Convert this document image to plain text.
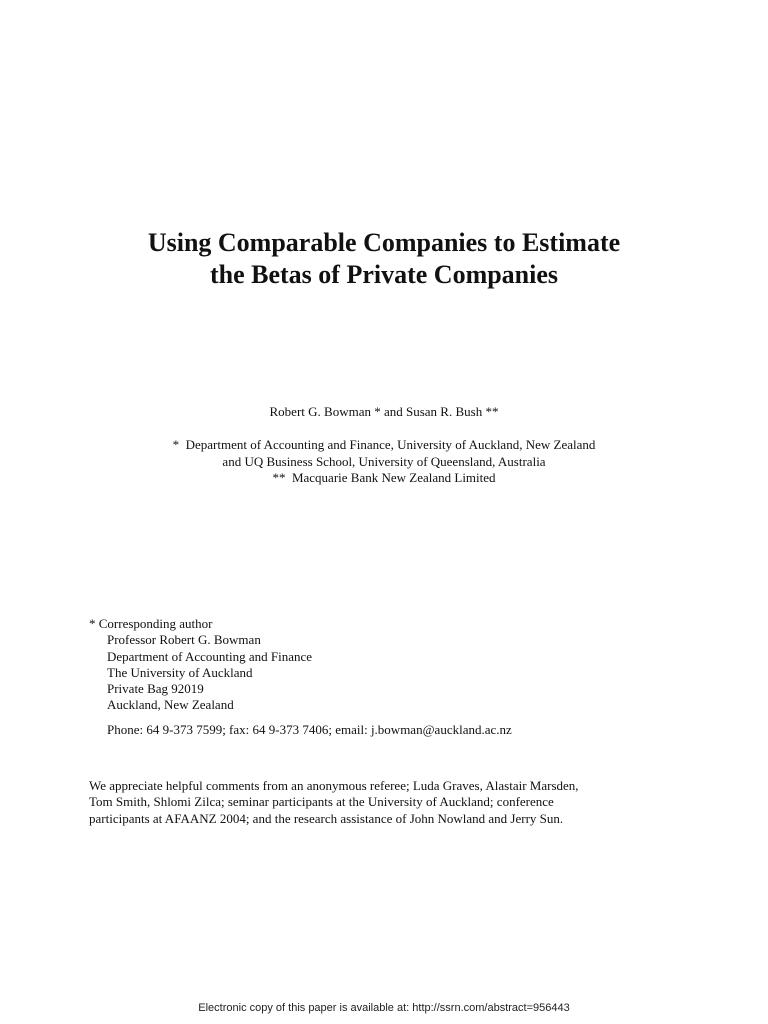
Using Comparable Companies to Estimate
the Betas of Private Companies
Robert G. Bowman * and Susan R. Bush **
*  Department of Accounting and Finance, University of Auckland, New Zealand
and UQ Business School, University of Queensland, Australia
**  Macquarie Bank New Zealand Limited
* Corresponding author
Professor Robert G. Bowman
Department of Accounting and Finance
The University of Auckland
Private Bag 92019
Auckland, New Zealand
Phone: 64 9-373 7599; fax: 64 9-373 7406; email: j.bowman@auckland.ac.nz
We appreciate helpful comments from an anonymous referee; Luda Graves, Alastair Marsden,
Tom Smith, Shlomi Zilca; seminar participants at the University of Auckland; conference
participants at AFAANZ 2004; and the research assistance of John Nowland and Jerry Sun.
Electronic copy of this paper is available at: http://ssrn.com/abstract=956443
